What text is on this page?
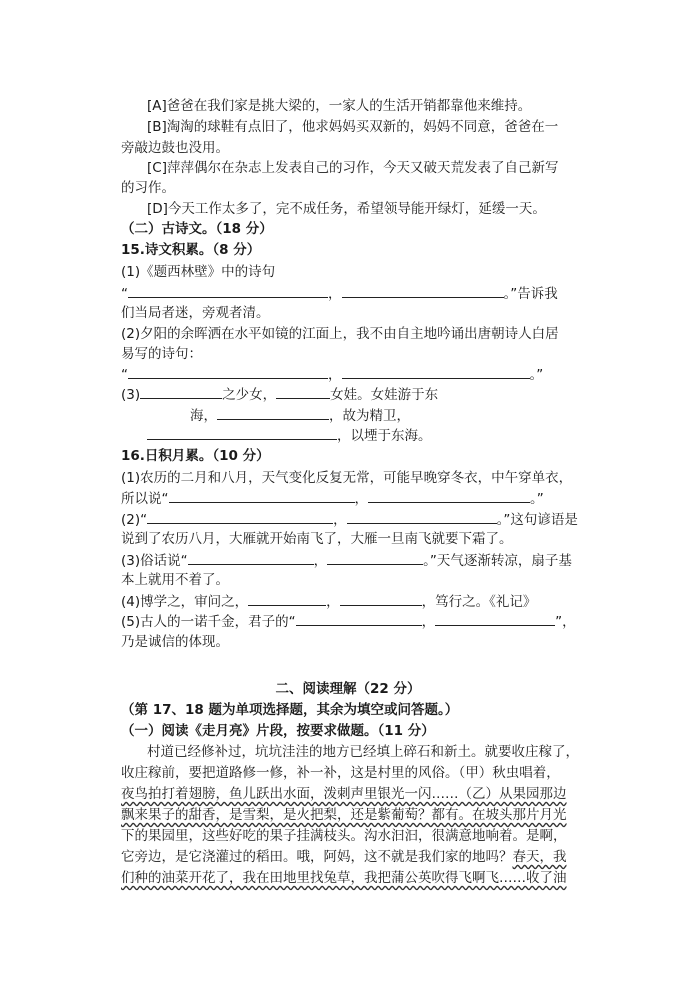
[A]爸爸在我们家是挑大梁的，一家人的生活开销都靠他来维持。
[B]淘淘的球鞋有点旧了，他求妈妈买双新的，妈妈不同意，爸爸在一
旁敲边鼓也没用。
[C]萍萍偶尔在杂志上发表自己的习作，今天又破天荒发表了自己新写
的习作。
[D]今天工作太多了，完不成任务，希望领导能开绿灯，延缓一天。
（二）古诗文。（18 分）
15.诗文积累。（8 分）
(1)《题西林壁》中的诗句
“	，	。”告诉我
们当局者迷，旁观者清。
(2)夕阳的余晖洒在水平如镜的江面上，我不由自主地吟诵出唐朝诗人白居
易写的诗句：
“	，	。”
(3)	之少女，	女娃。女娃游于东
海，	，故为精卫，
，以堙于东海。
16.日积月累。（10 分）
(1)农历的二月和八月，天气变化反复无常，可能早晚穿冬衣，中午穿单衣，
所以说“	，	。”
(2)“	，	。”这句谚语是
说到了农历八月，大雁就开始南飞了，大雁一旦南飞就要下霜了。
(3)俗话说“	，	。”天气逐渐转凉，扇子基
本上就用不着了。
(4)博学之，审问之，	，	，笃行之。《礼记》
(5)古人的一诺千金，君子的“	，	”，
乃是诚信的体现。
二、阅读理解（22 分）
（第 17、18 题为单项选择题，其余为填空或问答题。）
（一）阅读《走月亮》片段，按要求做题。（11 分）
村道已经修补过，坑坑洼洼的地方已经填上碎石和新土。就要收庄稼了，
收庄稼前，要把道路修一修，补一补，这是村里的风俗。（甲）秋虫唱着，
夜鸟拍打着翅膀，鱼儿跃出水面，泼刺声里银光一闪……（乙）从果园那边
飘来果子的甜香，是雪梨，是火把梨，还是紫葡萄？都有。在坡头那片月光
下的果园里，这些好吃的果子挂满枝头。沟水汩汩，很满意地响着。是啊，
它旁边，是它浇灌过的稻田。哦，阿妈，这不就是我们家的地吗？春天，我
们种的油菜开花了，我在田地里找兔草，我把蒲公英吹得飞啊飞……收了油
